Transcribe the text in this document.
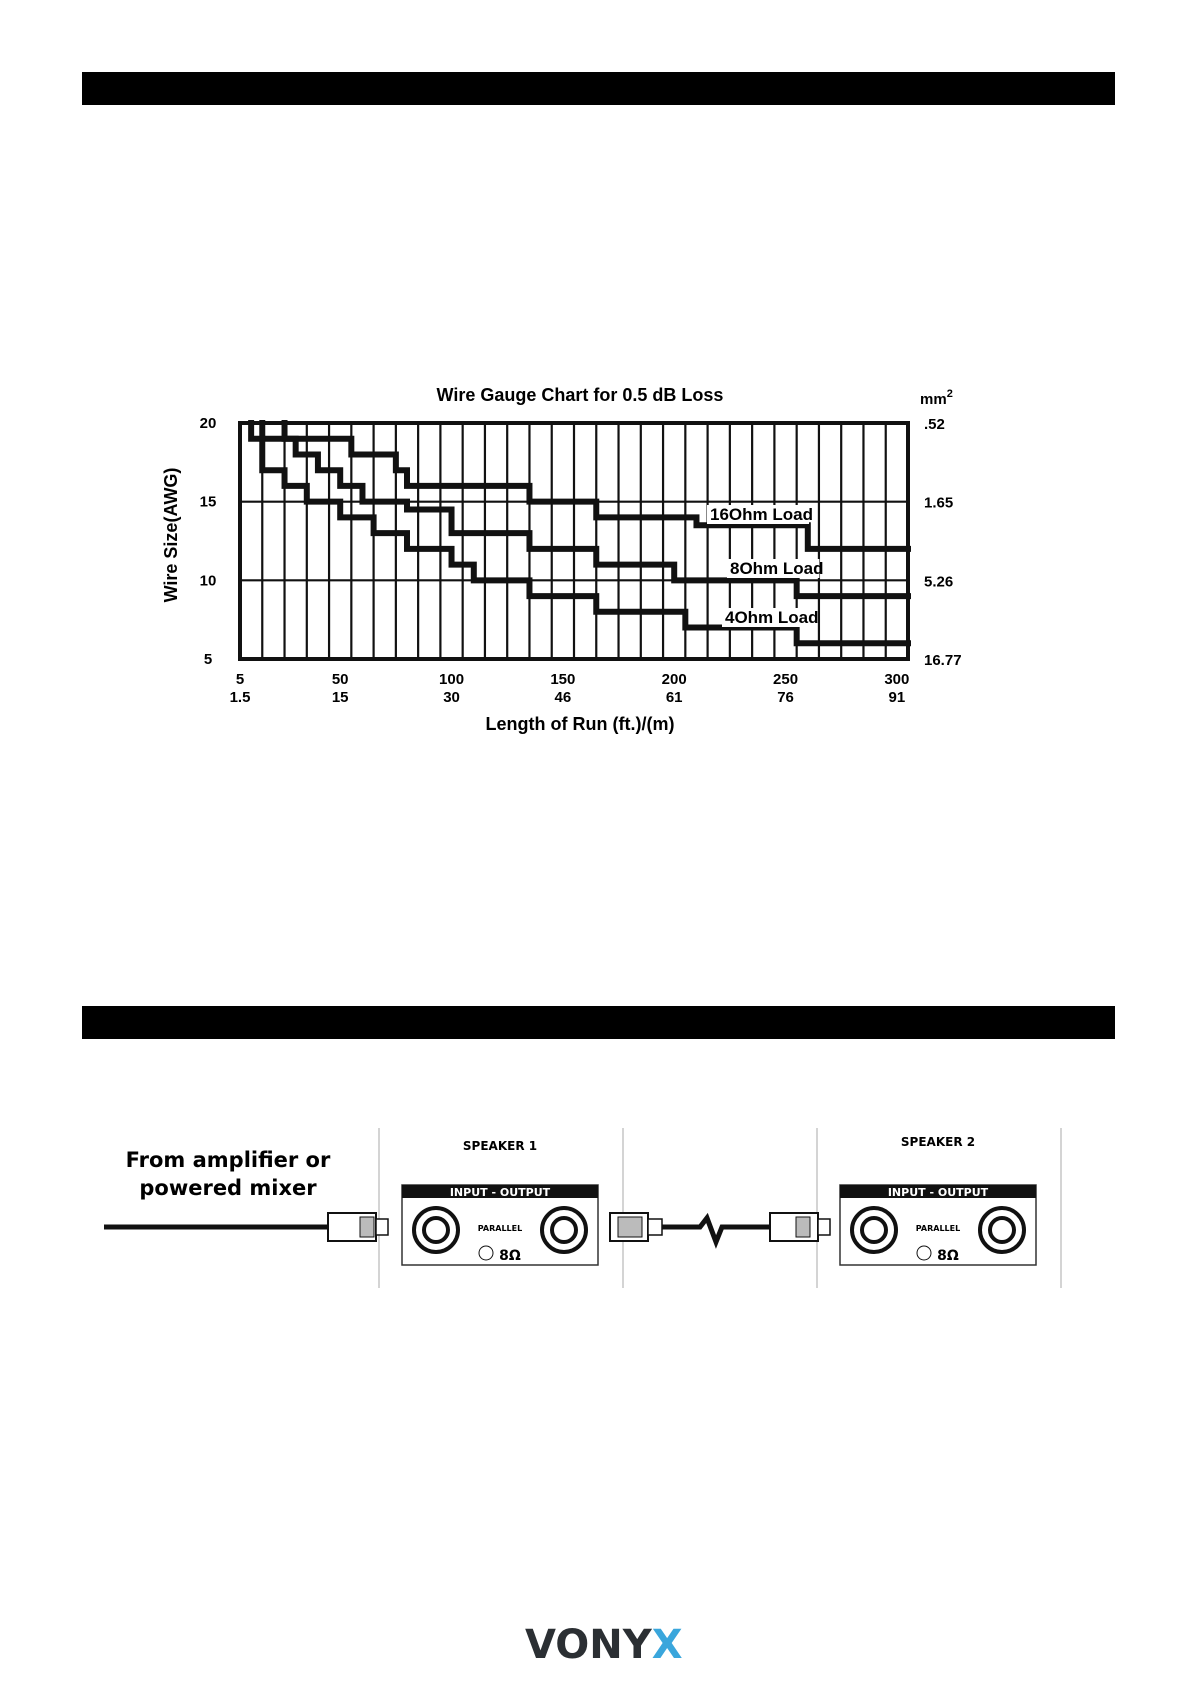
Wire Gauge Chart for 0.5 dB Loss	$mm^2$
Wire Size(AWG)
Length of Run (ft.)/(m)
16Ohm Load
8Ohm Load
4Ohm Load
5
1.5
50
15
100
30
150
46
200
61
250
76
300
91
20	.52
15	1.65
10	5.26
5	16.77
From amplifier or
powered mixer
SPEAKER 1
INPUT - OUTPUT
PARALLEL
8Ω
SPEAKER 2
INPUT - OUTPUT
PARALLEL
8Ω
VONYX
